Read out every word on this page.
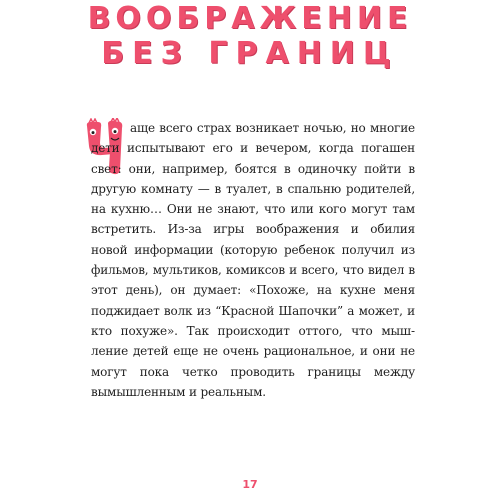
ВООБРАЖЕНИЕ
БЕЗ ГРАНИЦ

аще всего страх возникает ночью, но многие дети испытывают его и вечером, когда погашен свет: они, например, боятся в одиночку пойти в другую комнату — в туалет, в спальню родителей, на кухню… Они не знают, что или кого могут там встретить. Из-за игры воображения и обилия новой информации (которую ребенок получил из фильмов, мультиков, комиксов и всего, что видел в этот день), он думает: «Похоже, на кухне меня поджидает волк из “Красной Шапочки” а может, и кто похуже». Так происходит оттого, что мышление детей еще не очень рациональное, и они не могут пока четко проводить границы между вымышленным и реальным.

17
